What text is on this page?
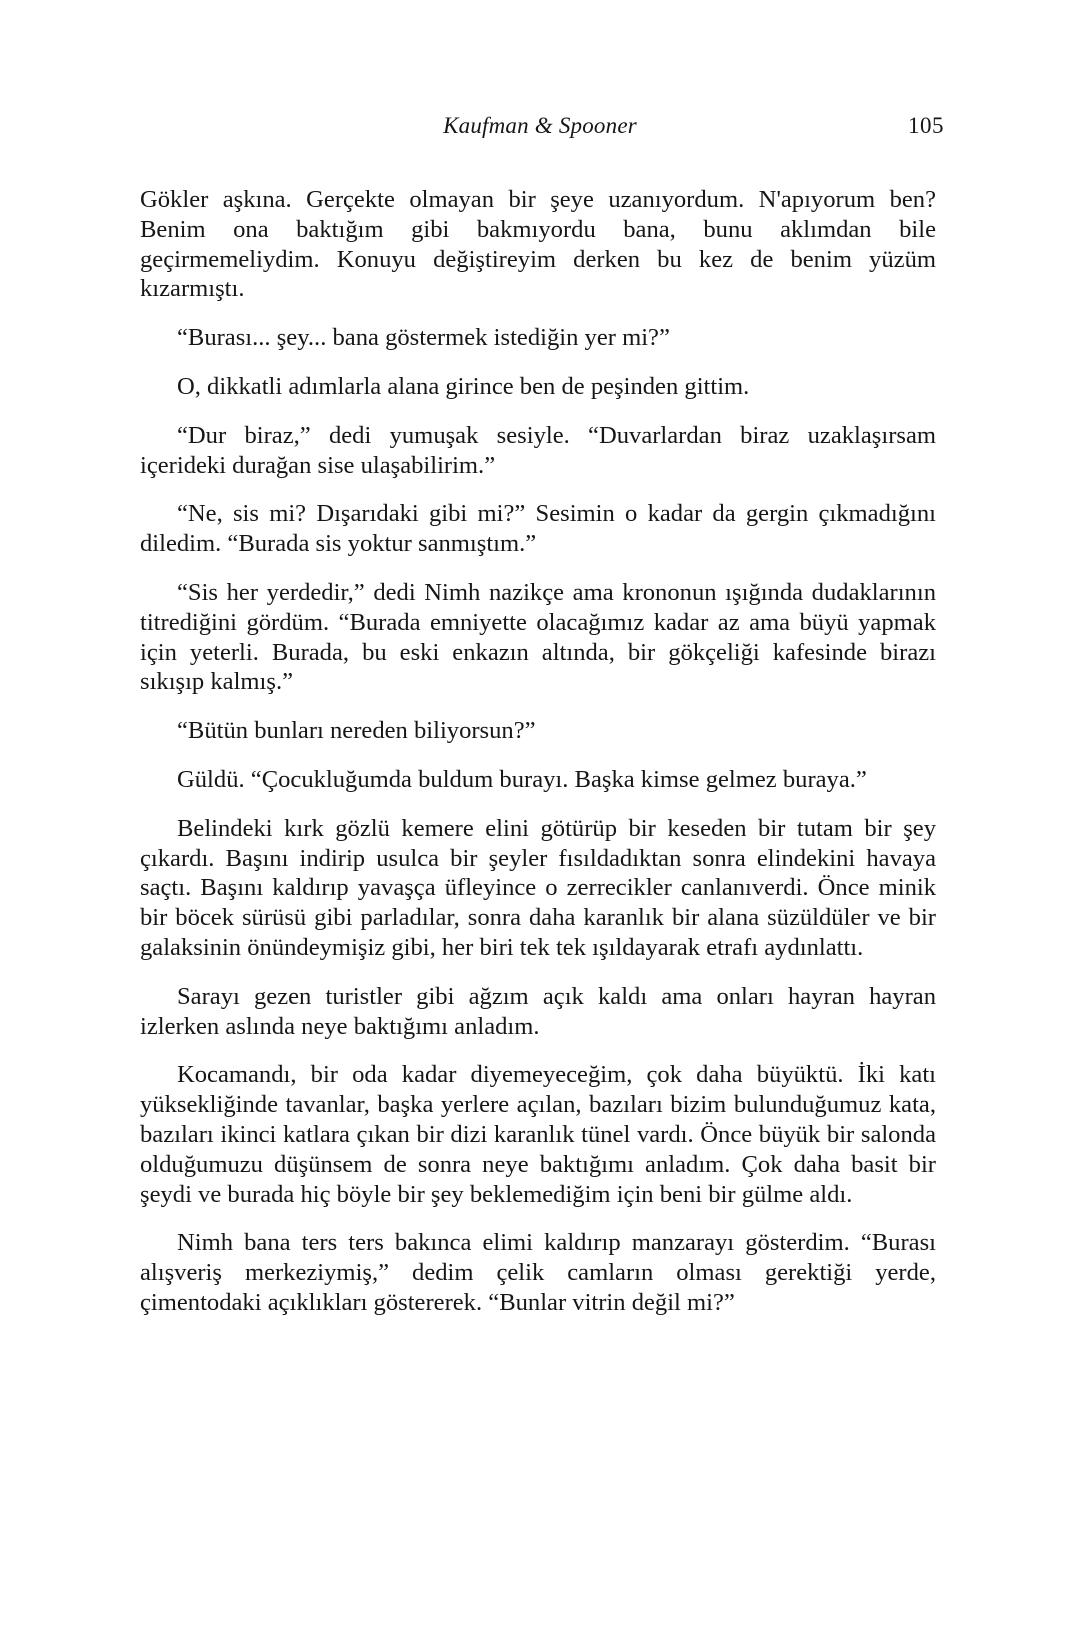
Kaufman & Spooner	105

Gökler aşkına. Gerçekte olmayan bir şeye uzanıyordum. N'apıyorum ben? Benim ona baktığım gibi bakmıyordu bana, bunu aklımdan bile geçirmemeliydim. Konuyu değiştireyim derken bu kez de benim yüzüm kızarmıştı.

“Burası... şey... bana göstermek istediğin yer mi?”

O, dikkatli adımlarla alana girince ben de peşinden gittim.

“Dur biraz,” dedi yumuşak sesiyle. “Duvarlardan biraz uzaklaşırsam içerideki durağan sise ulaşabilirim.”

“Ne, sis mi? Dışarıdaki gibi mi?” Sesimin o kadar da gergin çıkmadığını diledim. “Burada sis yoktur sanmıştım.”

“Sis her yerdedir,” dedi Nimh nazikçe ama krononun ışığında dudaklarının titrediğini gördüm. “Burada emniyette olacağımız kadar az ama büyü yapmak için yeterli. Burada, bu eski enkazın altında, bir gökçeliği kafesinde birazı sıkışıp kalmış.”

“Bütün bunları nereden biliyorsun?”

Güldü. “Çocukluğumda buldum burayı. Başka kimse gelmez buraya.”

Belindeki kırk gözlü kemere elini götürüp bir keseden bir tutam bir şey çıkardı. Başını indirip usulca bir şeyler fısıldadıktan sonra elindekini havaya saçtı. Başını kaldırıp yavaşça üfleyince o zerrecikler canlanıverdi. Önce minik bir böcek sürüsü gibi parladılar, sonra daha karanlık bir alana süzüldüler ve bir galaksinin önündeymişiz gibi, her biri tek tek ışıldayarak etrafı aydınlattı.

Sarayı gezen turistler gibi ağzım açık kaldı ama onları hayran hayran izlerken aslında neye baktığımı anladım.

Kocamandı, bir oda kadar diyemeyeceğim, çok daha büyüktü. İki katı yüksekliğinde tavanlar, başka yerlere açılan, bazıları bizim bulunduğumuz kata, bazıları ikinci katlara çıkan bir dizi karanlık tünel vardı. Önce büyük bir salonda olduğumuzu düşünsem de sonra neye baktığımı anladım. Çok daha basit bir şeydi ve burada hiç böyle bir şey beklemediğim için beni bir gülme aldı.

Nimh bana ters ters bakınca elimi kaldırıp manzarayı gösterdim. “Burası alışveriş merkeziymiş,” dedim çelik camların olması gerektiği yerde, çimentodaki açıklıkları göstererek. “Bunlar vitrin değil mi?”
